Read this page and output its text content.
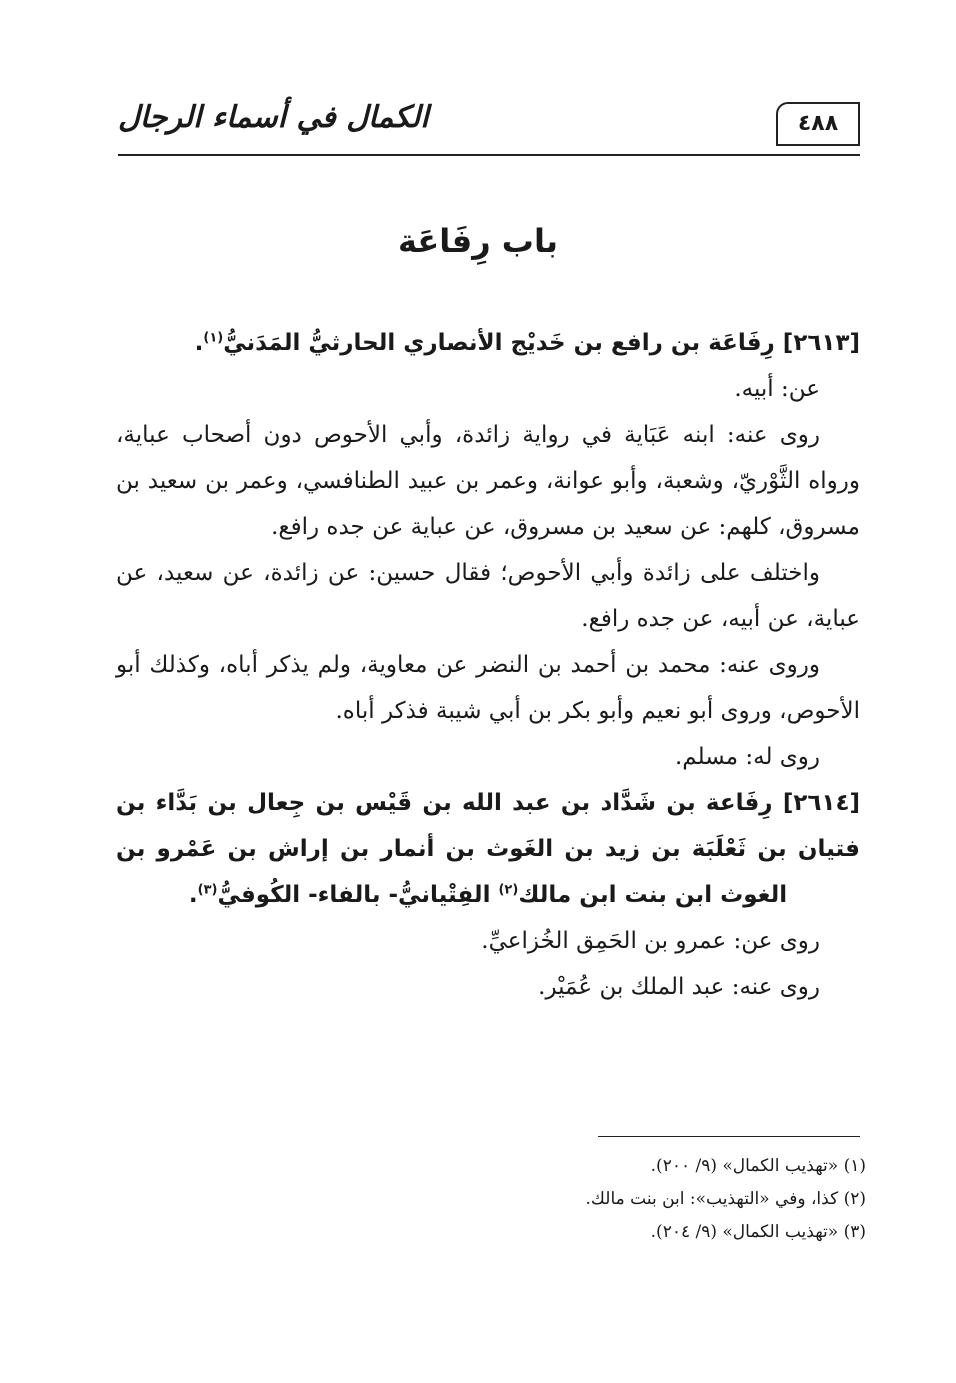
٤٨٨
الكمال في أسماء الرجال
باب رِفَاعَة
[٢٦١٣] رِفَاعَة بن رافع بن خَديْج الأنصاري الحارثيُّ المَدَنيُّ$^{(١)}$.
عن: أبيه.
روى عنه: ابنه عَبَاية في رواية زائدة، وأبي الأحوص دون أصحاب عباية، ورواه الثَّوْريّ، وشعبة، وأبو عوانة، وعمر بن عبيد الطنافسي، وعمر بن سعيد بن مسروق، كلهم: عن سعيد بن مسروق، عن عباية عن جده رافع.
واختلف على زائدة وأبي الأحوص؛ فقال حسين: عن زائدة، عن سعيد، عن عباية، عن أبيه، عن جده رافع.
وروى عنه: محمد بن أحمد بن النضر عن معاوية، ولم يذكر أباه، وكذلك أبو الأحوص، وروى أبو نعيم وأبو بكر بن أبي شيبة فذكر أباه.
روى له: مسلم.
[٢٦١٤] رِفَاعة بن شَدَّاد بن عبد الله بن قَيْس بن جِعال بن بَدَّاء بن فتيان بن ثَعْلَبَة بن زيد بن الغَوث بن أنمار بن إراش بن عَمْرو بن الغوث ابن بنت ابن مالك$^{(٢)}$ الفِتْيانيُّ- بالفاء- الكُوفيُّ$^{(٣)}$.
روى عن: عمرو بن الحَمِق الخُزاعيِّ.
روى عنه: عبد الملك بن عُمَيْر.
(١) «تهذيب الكمال» (٩/ ٢٠٠).
(٢) كذا، وفي «التهذيب»: ابن بنت مالك.
(٣) «تهذيب الكمال» (٩/ ٢٠٤).
